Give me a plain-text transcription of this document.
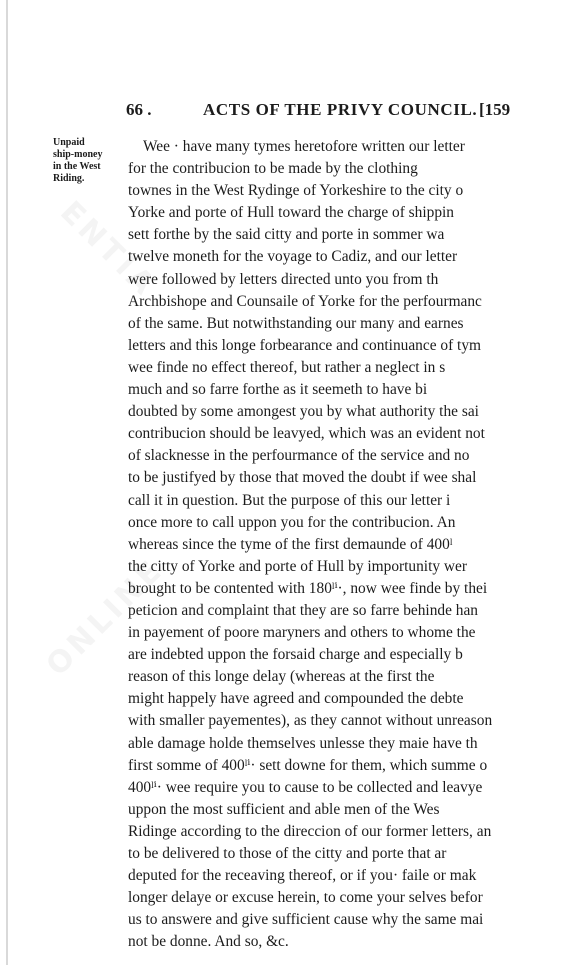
ENTIA
ONLINE
66 .	ACTS OF THE PRIVY COUNCIL. [159
Unpaid
ship-money
in the West
Riding.
Wee · have many tymes heretofore written our letter
for the contribucion to be made by the clothing
townes in the West Rydinge of Yorkeshire to the city o
Yorke and porte of Hull toward the charge of shippin
sett forthe by the said citty and porte in sommer wa
twelve moneth for the voyage to Cadiz, and our letter
were followed by letters directed unto you from th
Archbishope and Counsaile of Yorke for the perfourmanc
of the same. But notwithstanding our many and earnes
letters and this longe forbearance and continuance of tym
wee finde no effect thereof, but rather a neglect in s
much and so farre forthe as it seemeth to have bi
doubted by some amongest you by what authority the sai
contribucion should be leavyed, which was an evident not
of slacknesse in the perfourmance of the service and no
to be justifyed by those that moved the doubt if wee shal
call it in question. But the purpose of this our letter i
once more to call uppon you for the contribucion. An
whereas since the tyme of the first demaunde of 400ˡ
the citty of Yorke and porte of Hull by importunity wer
brought to be contented with 180ˡⁱ·, now wee finde by thei
peticion and complaint that they are so farre behinde han
in payement of poore maryners and others to whome the
are indebted uppon the forsaid charge and especially b
reason of this longe delay (whereas at the first the
might happely have agreed and compounded the debte
with smaller payementes), as they cannot without unreason
able damage holde themselves unlesse they maie have th
first somme of 400ˡⁱ· sett downe for them, which summe o
400ˡⁱ· wee require you to cause to be collected and leavye
uppon the most sufficient and able men of the Wes
Ridinge according to the direccion of our former letters, an
to be delivered to those of the citty and porte that ar
deputed for the receaving thereof, or if you· faile or mak
longer delaye or excuse herein, to come your selves befor
us to answere and give sufficient cause why the same mai
not be donne. And so, &c.
